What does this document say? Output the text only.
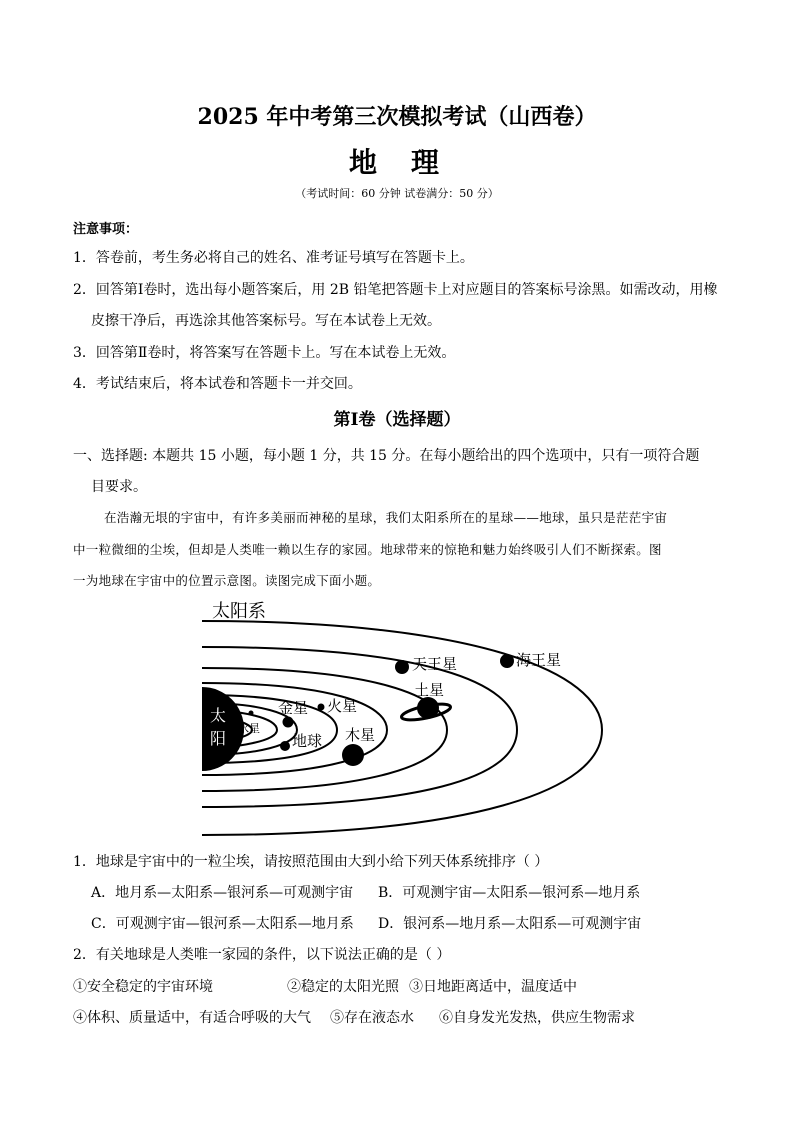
2025 年中考第三次模拟考试（山西卷）
地 理
（考试时间：60 分钟 试卷满分：50 分）
注意事项：
1．答卷前，考生务必将自己的姓名、准考证号填写在答题卡上。
2．回答第Ⅰ卷时，选出每小题答案后，用 2B 铅笔把答题卡上对应题目的答案标号涂黑。如需改动，用橡
皮擦干净后，再选涂其他答案标号。写在本试卷上无效。
3．回答第Ⅱ卷时，将答案写在答题卡上。写在本试卷上无效。
4．考试结束后，将本试卷和答题卡一并交回。
第Ⅰ卷（选择题）
一、选择题: 本题共 15 小题，每小题 1 分，共 15 分。在每小题给出的四个选项中，只有一项符合题
目要求。
在浩瀚无垠的宇宙中，有许多美丽而神秘的星球，我们太阳系所在的星球——地球，虽只是茫茫宇宙
中一粒微细的尘埃，但却是人类唯一赖以生存的家园。地球带来的惊艳和魅力始终吸引人们不断探索。图
一为地球在宇宙中的位置示意图。读图完成下面小题。
太阳系
太
阳
水星
金星
地球
火星
木星
土星
天王星	海王星
1．地球是宇宙中的一粒尘埃，请按照范围由大到小给下列天体系统排序（ ）
A．地月系—太阳系—银河系—可观测宇宙 B．可观测宇宙—太阳系—银河系—地月系
C．可观测宇宙—银河系—太阳系—地月系 D．银河系—地月系—太阳系—可观测宇宙
2．有关地球是人类唯一家园的条件，以下说法正确的是（ ）
①安全稳定的宇宙环境	②稳定的太阳光照 ③日地距离适中，温度适中
④体积、质量适中，有适合呼吸的大气 ⑤存在液态水 ⑥自身发光发热，供应生物需求
